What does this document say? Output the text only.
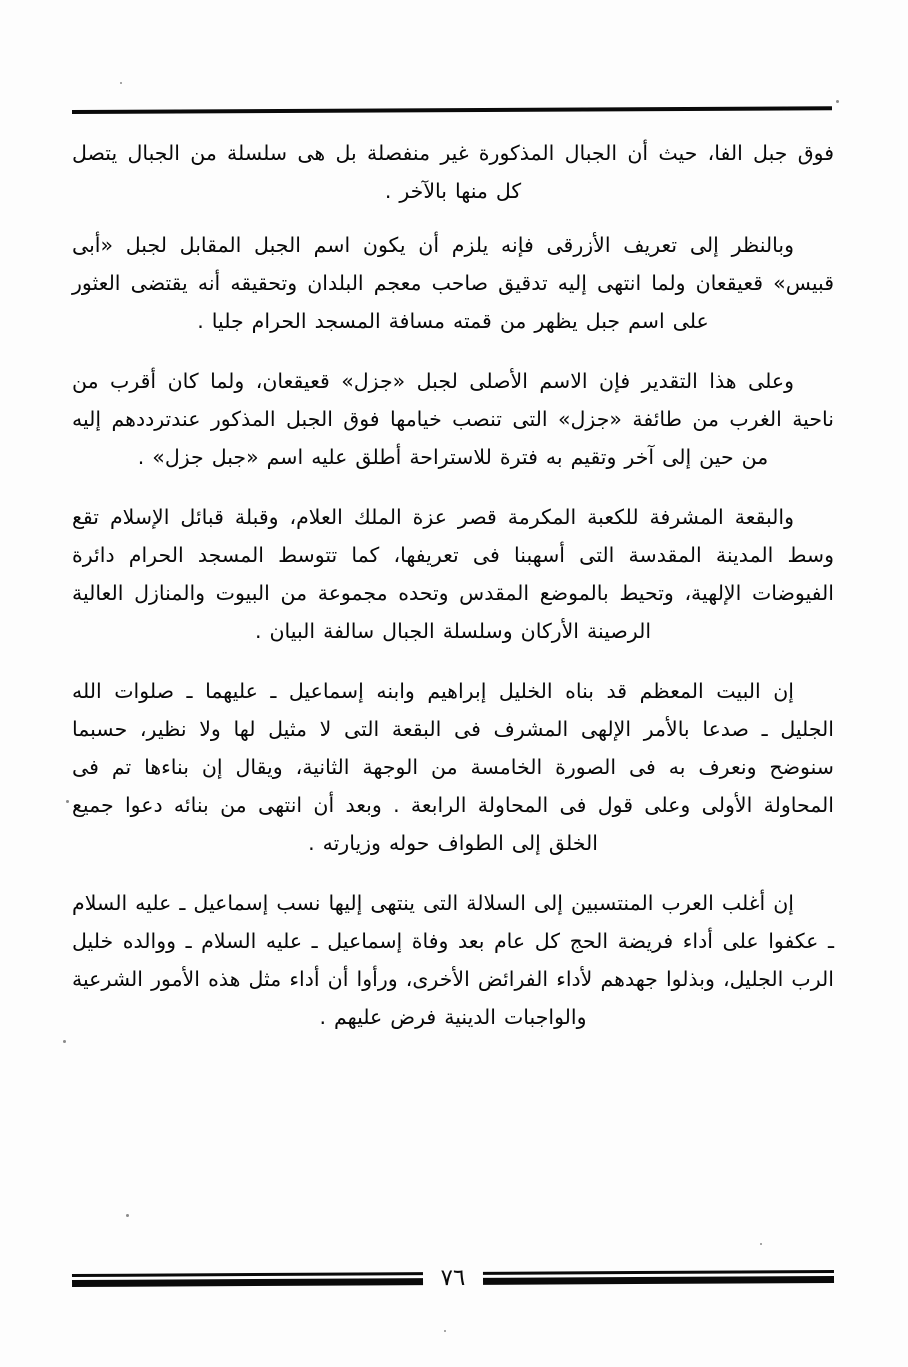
فوق جبل الفا، حيث أن الجبال المذكورة غير منفصلة بل هى سلسلة من الجبال يتصل كل منها بالآخر .

وبالنظر إلى تعريف الأزرقى فإنه يلزم أن يكون اسم الجبل المقابل لجبل «أبى قبيس» قعيقعان ولما انتهى إليه تدقيق صاحب معجم البلدان وتحقيقه أنه يقتضى العثور على اسم جبل يظهر من قمته مسافة المسجد الحرام جليا .

وعلى هذا التقدير فإن الاسم الأصلى لجبل «جزل» قعيقعان، ولما كان أقرب من ناحية الغرب من طائفة «جزل» التى تنصب خيامها فوق الجبل المذكور عندترددهم إليه من حين إلى آخر وتقيم به فترة للاستراحة أطلق عليه اسم «جبل جزل» .

والبقعة المشرفة للكعبة المكرمة قصر عزة الملك العلام، وقبلة قبائل الإسلام تقع وسط المدينة المقدسة التى أسهبنا فى تعريفها، كما تتوسط المسجد الحرام دائرة الفيوضات الإلهية، وتحيط بالموضع المقدس وتحده مجموعة من البيوت والمنازل العالية الرصينة الأركان وسلسلة الجبال سالفة البيان .

إن البيت المعظم قد بناه الخليل إبراهيم وابنه إسماعيل ـ عليهما ـ صلوات الله الجليل ـ صدعا بالأمر الإلهى المشرف فى البقعة التى لا مثيل لها ولا نظير، حسبما سنوضح ونعرف به فى الصورة الخامسة من الوجهة الثانية، ويقال إن بناءها تم فى المحاولة الأولى وعلى قول فى المحاولة الرابعة . وبعد أن انتهى من بنائه دعوا جميع الخلق إلى الطواف حوله وزيارته .

إن أغلب العرب المنتسبين إلى السلالة التى ينتهى إليها نسب إسماعيل ـ عليه السلام ـ عكفوا على أداء فريضة الحج كل عام بعد وفاة إسماعيل ـ عليه السلام ـ ووالده خليل الرب الجليل، وبذلوا جهدهم لأداء الفرائض الأخرى، ورأوا أن أداء مثل هذه الأمور الشرعية والواجبات الدينية فرض عليهم .

٧٦
